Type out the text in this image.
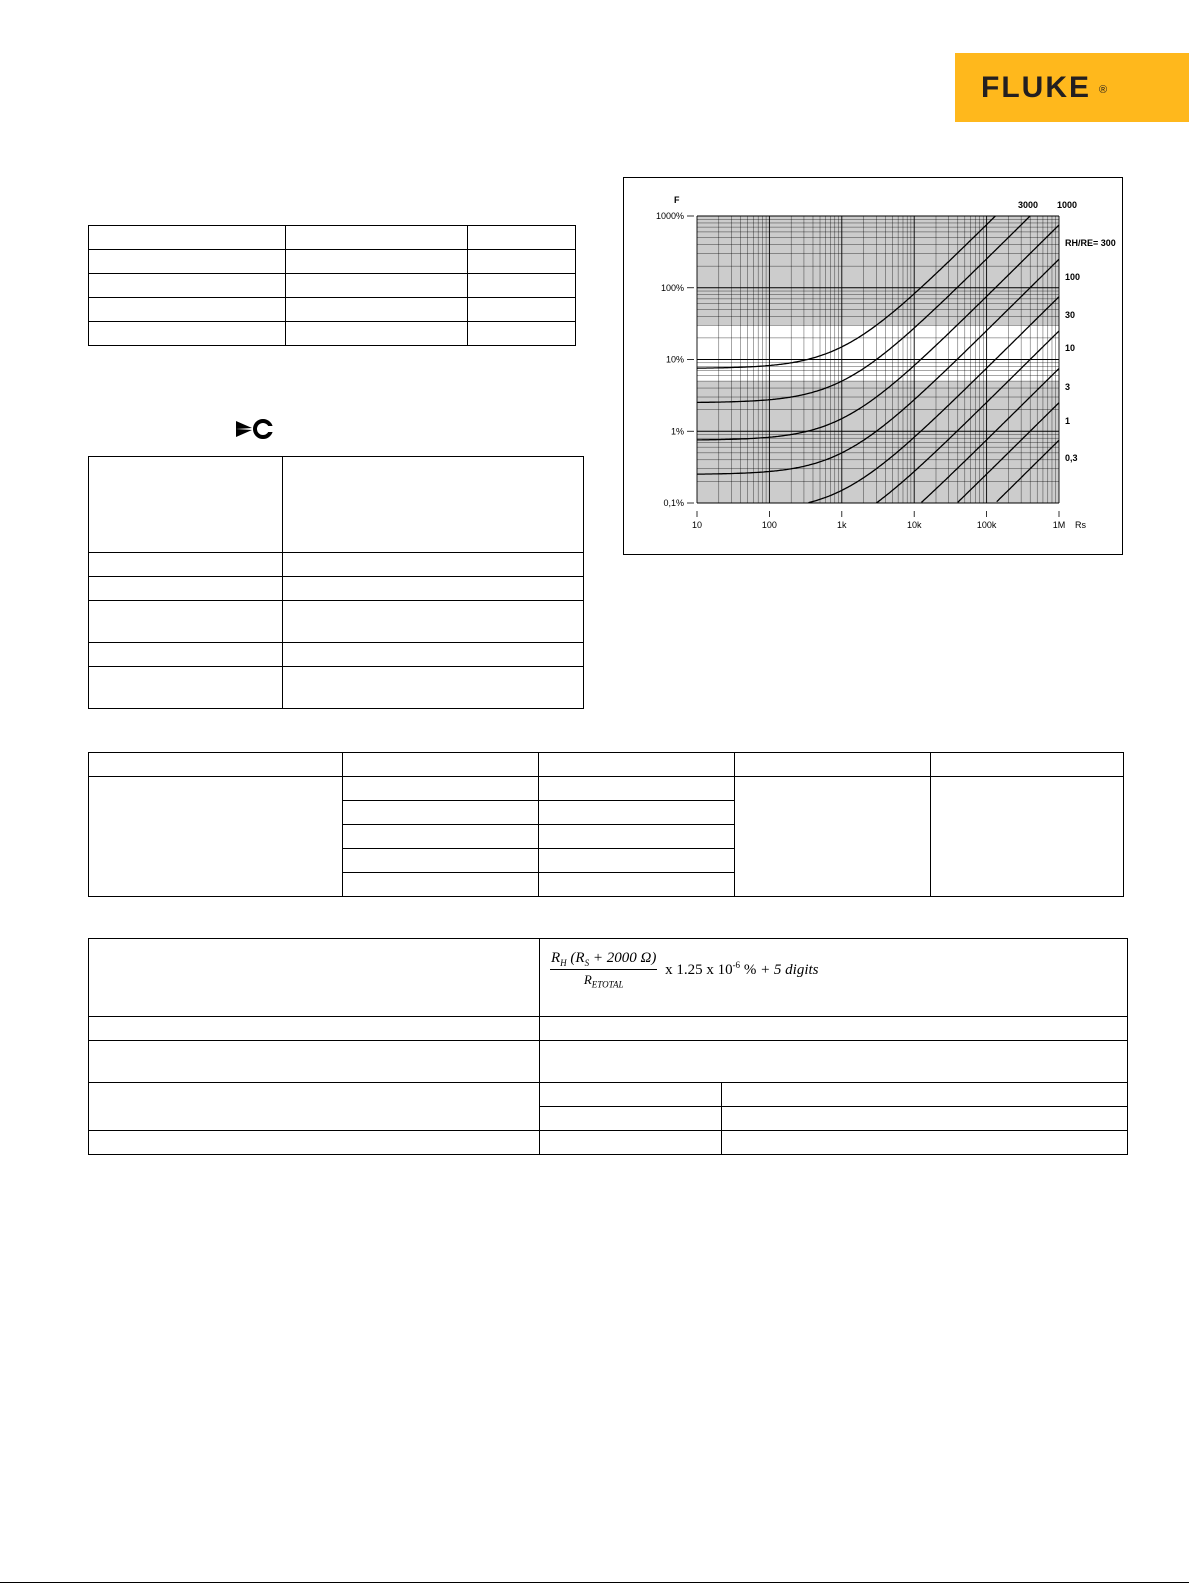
FLUKE ®

$\frac{R_H (R_S + 2000 \Omega)}{R_{ETOTAL}}$ x 1.25 x $10^{-6}$ % + 5 digits
1000%
100%
10%
1%
0,1%
10	100	1k	10k	100k	1M
F
Rs
3000 1000
RH/RE= 300
100
30
10
3
1
0,3
